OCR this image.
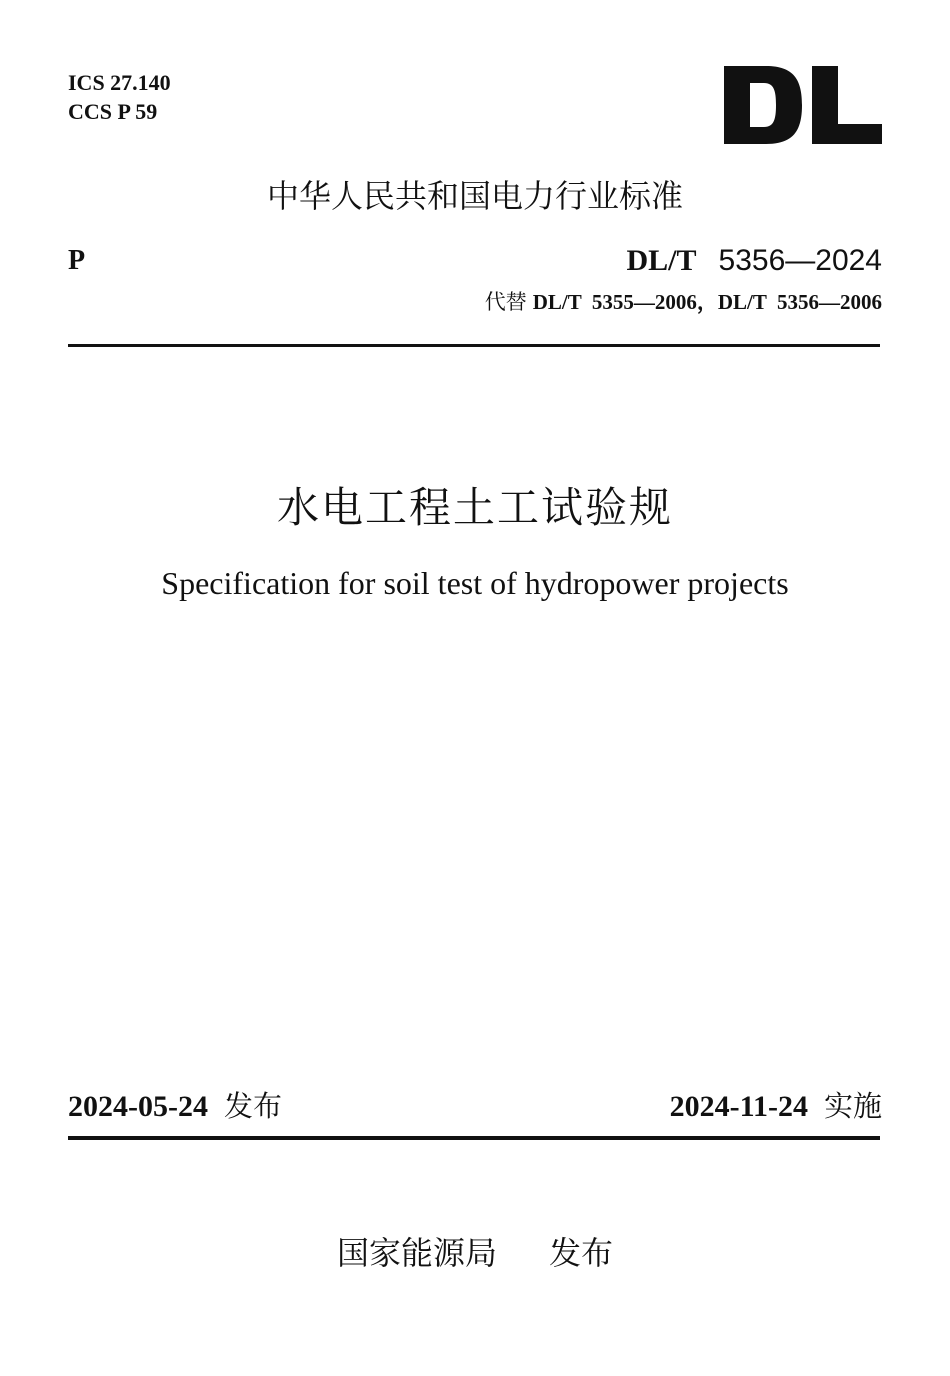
ICS 27.140
CCS P 59
中华人民共和国电力行业标准
P	DL/T 5356—2024
代替 DL/T  5355—2006，DL/T  5356—2006
水电工程土工试验规
Specification for soil test of hydropower projects
2024-05-24 发布	2024-11-24 实施
国家能源局 发布
